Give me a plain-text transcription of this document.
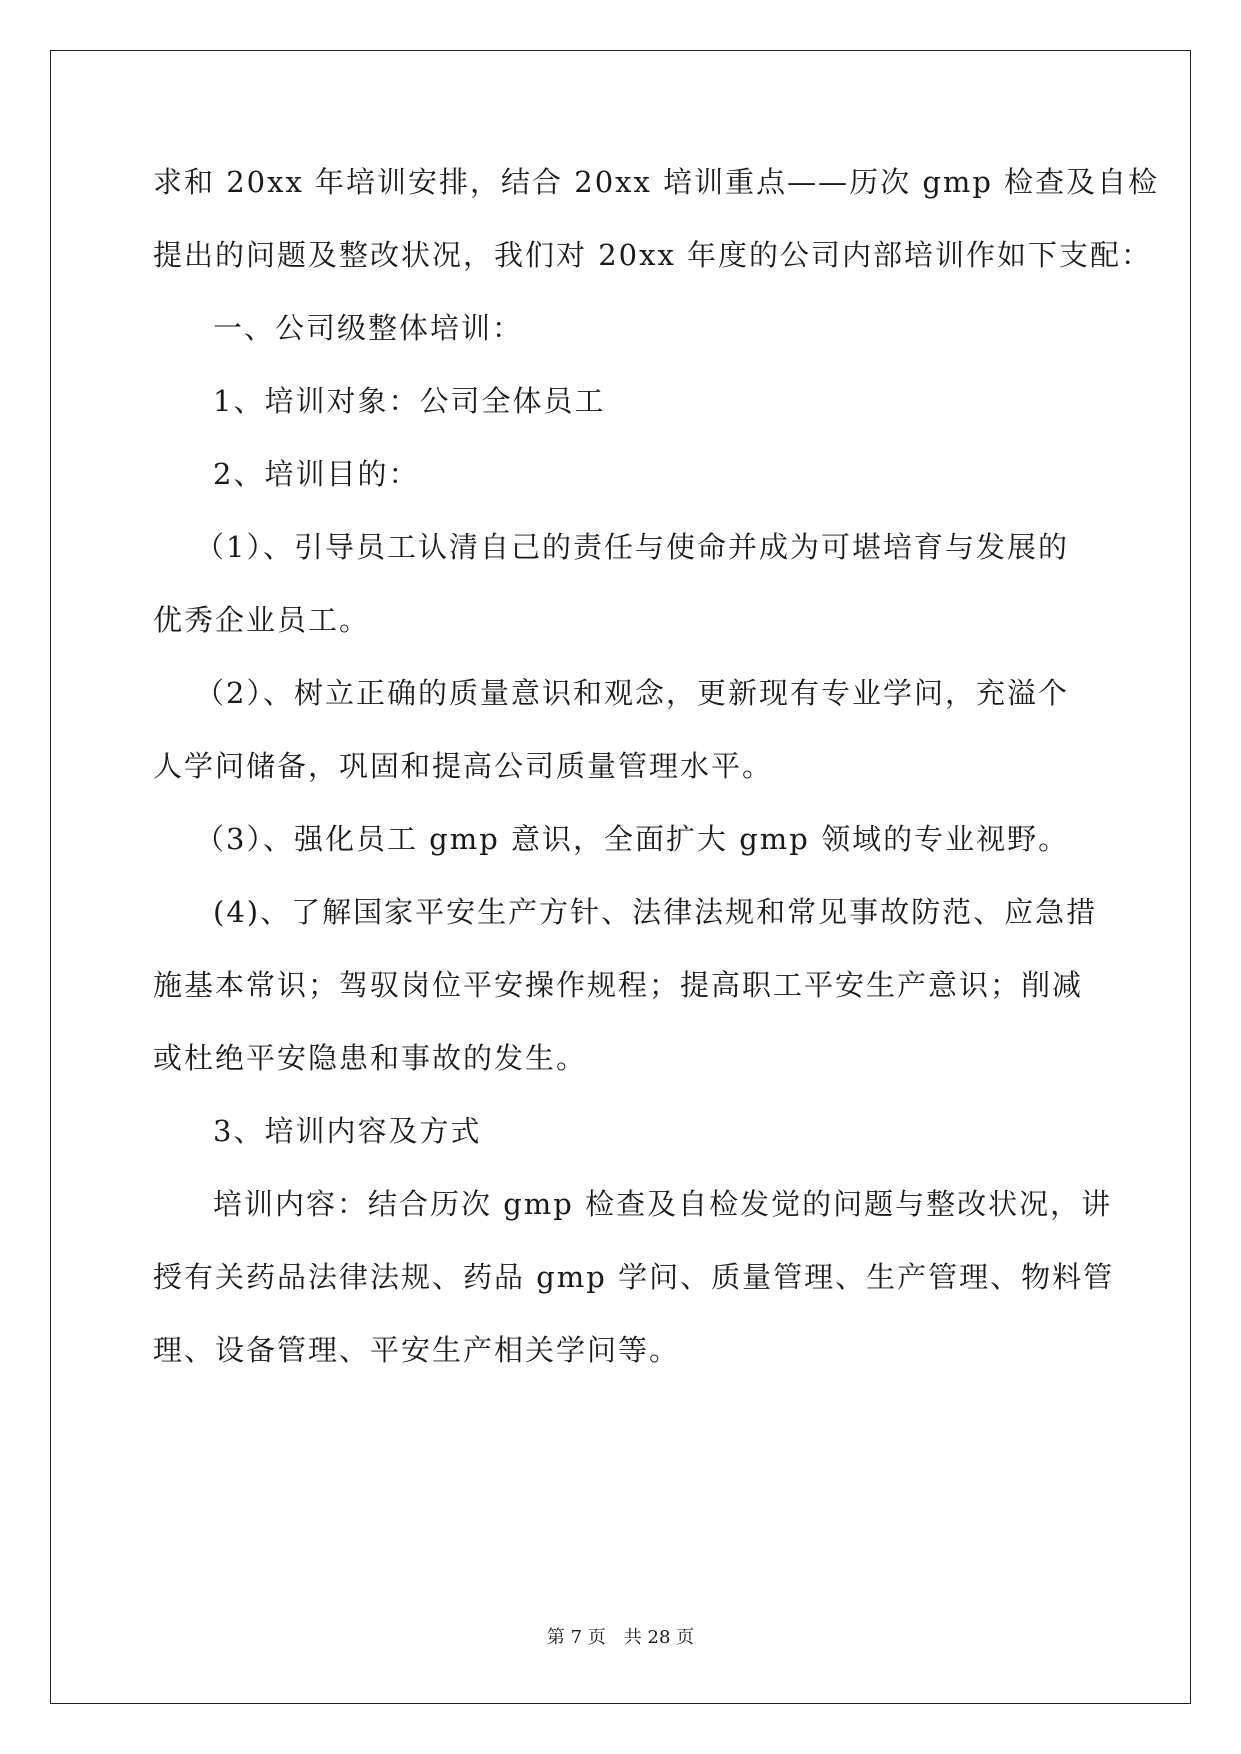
求和 20xx 年培训安排，结合 20xx 培训重点——历次 gmp 检查及自检
提出的问题及整改状况，我们对 20xx 年度的公司内部培训作如下支配：
一、公司级整体培训：
1、培训对象：公司全体员工
2、培训目的：
（1）、引导员工认清自己的责任与使命并成为可堪培育与发展的
优秀企业员工。
（2）、树立正确的质量意识和观念，更新现有专业学问，充溢个
人学问储备，巩固和提高公司质量管理水平。
（3）、强化员工 gmp 意识，全面扩大 gmp 领域的专业视野。
(4)、了解国家平安生产方针、法律法规和常见事故防范、应急措
施基本常识；驾驭岗位平安操作规程；提高职工平安生产意识；削减
或杜绝平安隐患和事故的发生。
3、培训内容及方式
培训内容：结合历次 gmp 检查及自检发觉的问题与整改状况，讲
授有关药品法律法规、药品 gmp 学问、质量管理、生产管理、物料管
理、设备管理、平安生产相关学问等。
第 7 页　共 28 页
